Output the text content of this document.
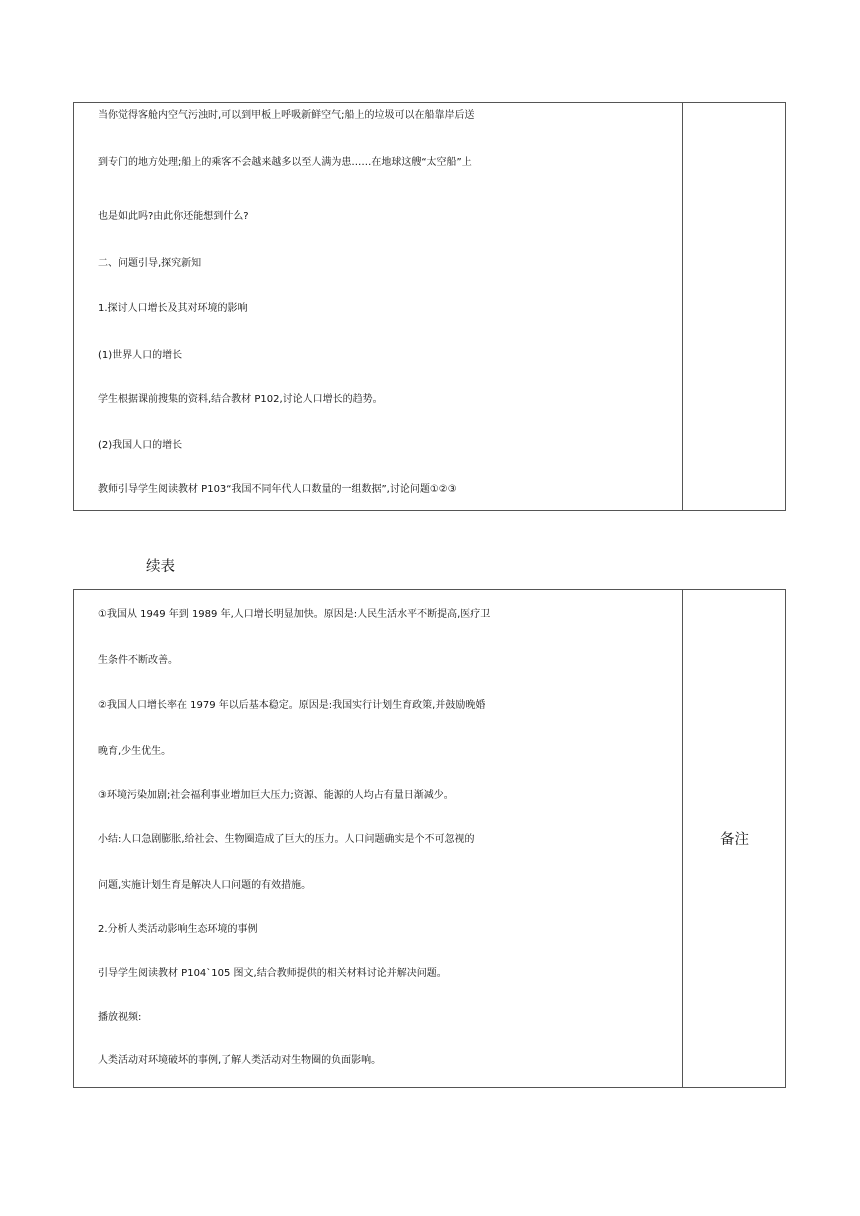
当你觉得客舱内空气污浊时,可以到甲板上呼吸新鲜空气;船上的垃圾可以在船靠岸后送
到专门的地方处理;船上的乘客不会越来越多以至人满为患……在地球这艘“太空船”上
也是如此吗?由此你还能想到什么?
二、问题引导,探究新知
1.探讨人口增长及其对环境的影响
(1)世界人口的增长
学生根据课前搜集的资料,结合教材 P102,讨论人口增长的趋势。
(2)我国人口的增长
教师引导学生阅读教材 P103“我国不同年代人口数量的一组数据”,讨论问题①②③
续表
①我国从 1949 年到 1989 年,人口增长明显加快。原因是:人民生活水平不断提高,医疗卫
生条件不断改善。
②我国人口增长率在 1979 年以后基本稳定。原因是:我国实行计划生育政策,并鼓励晚婚
晚育,少生优生。
③环境污染加剧;社会福利事业增加巨大压力;资源、能源的人均占有量日渐减少。
小结:人口急剧膨胀,给社会、生物圈造成了巨大的压力。人口问题确实是个不可忽视的
问题,实施计划生育是解决人口问题的有效措施。
2.分析人类活动影响生态环境的事例
引导学生阅读教材 P104`105 图文,结合教师提供的相关材料讨论并解决问题。
播放视频:
人类活动对环境破坏的事例,了解人类活动对生物圈的负面影响。
备注
